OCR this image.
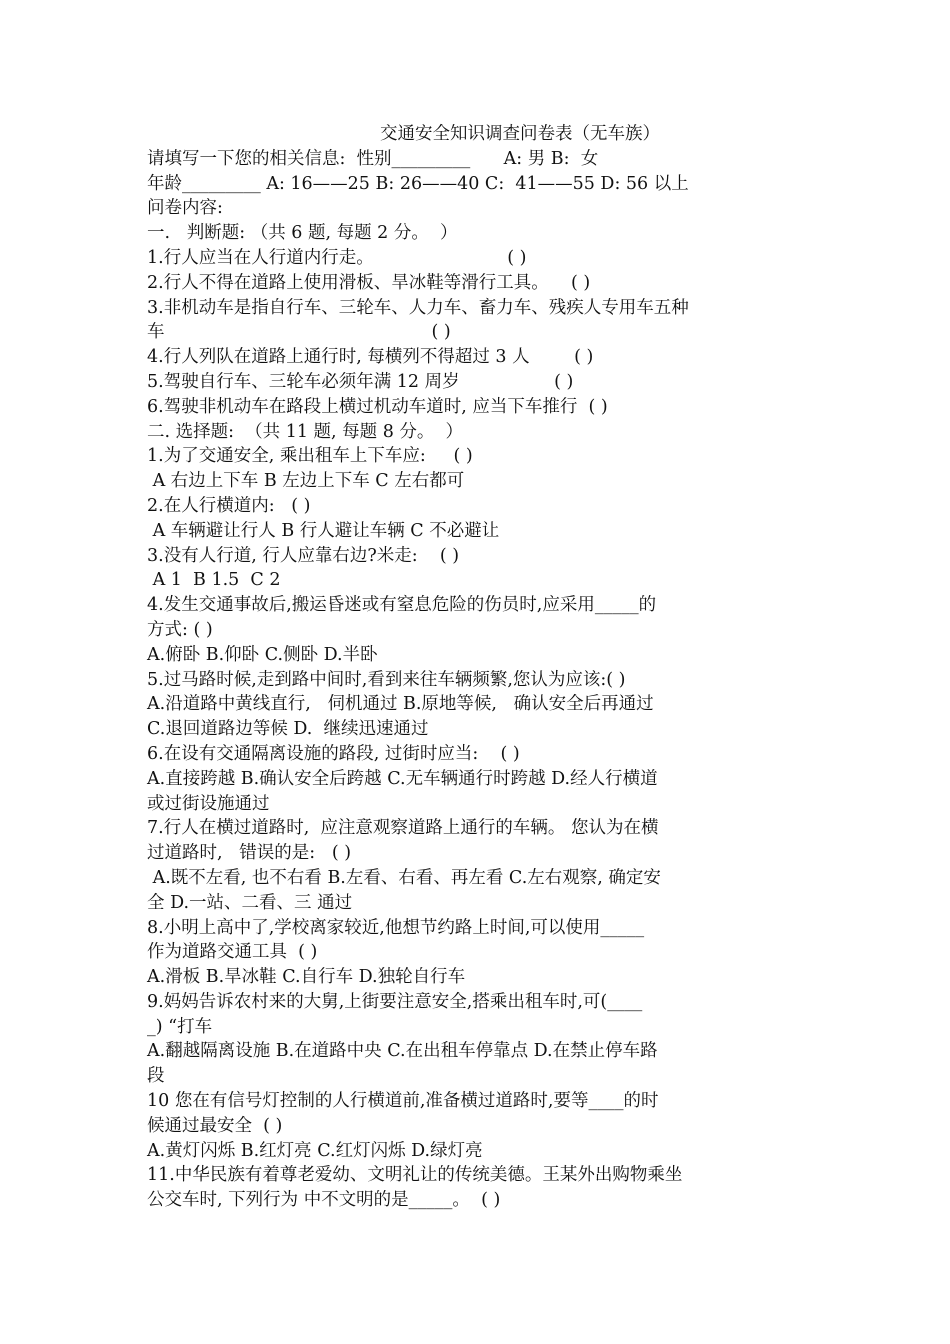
交通安全知识调查问卷表（无车族）
请填写一下您的相关信息:  性别_________      A: 男 B:  女
年龄_________ A: 16——25 B: 26——40 C:  41——55 D: 56 以上
问卷内容:
一.   判断题: （共 6 题, 每题 2 分。  ）
1.行人应当在人行道内行走。                        ( )
2.行人不得在道路上使用滑板、旱冰鞋等滑行工具。    ( )
3.非机动车是指自行车、三轮车、人力车、畜力车、残疾人专用车五种
车                                                ( )
4.行人列队在道路上通行时, 每横列不得超过 3 人        ( )
5.驾驶自行车、三轮车必须年满 12 周岁                 ( )
6.驾驶非机动车在路段上横过机动车道时, 应当下车推行  ( )
二. 选择题:  （共 11 题, 每题 8 分。  ）
1.为了交通安全, 乘出租车上下车应:     ( )
A 右边上下车 B 左边上下车 C 左右都可
2.在人行横道内:   ( )
A 车辆避让行人 B 行人避让车辆 C 不必避让
3.没有人行道, 行人应靠右边?米走:    ( )
A 1  B 1.5  C 2
4.发生交通事故后,搬运昏迷或有窒息危险的伤员时,应采用_____的
方式: ( )
A.俯卧 B.仰卧 C.侧卧 D.半卧
5.过马路时候,走到路中间时,看到来往车辆频繁,您认为应该:( )
A.沿道路中黄线直行,   伺机通过 B.原地等候,   确认安全后再通过
C.退回道路边等候 D.  继续迅速通过
6.在设有交通隔离设施的路段, 过街时应当:    ( )
A.直接跨越 B.确认安全后跨越 C.无车辆通行时跨越 D.经人行横道
或过街设施通过
7.行人在横过道路时,  应注意观察道路上通行的车辆。 您认为在横
过道路时,   错误的是:   ( )
A.既不左看, 也不右看 B.左看、右看、再左看 C.左右观察, 确定安
全 D.一站、二看、三 通过
8.小明上高中了,学校离家较近,他想节约路上时间,可以使用_____
作为道路交通工具  ( )
A.滑板 B.旱冰鞋 C.自行车 D.独轮自行车
9.妈妈告诉农村来的大舅,上街要注意安全,搭乘出租车时,可(____
_) “打车
A.翻越隔离设施 B.在道路中央 C.在出租车停靠点 D.在禁止停车路
段
10 您在有信号灯控制的人行横道前,准备横过道路时,要等____的时
候通过最安全  ( )
A.黄灯闪烁 B.红灯亮 C.红灯闪烁 D.绿灯亮
11.中华民族有着尊老爱幼、文明礼让的传统美德。王某外出购物乘坐
公交车时, 下列行为 中不文明的是_____。  ( )
